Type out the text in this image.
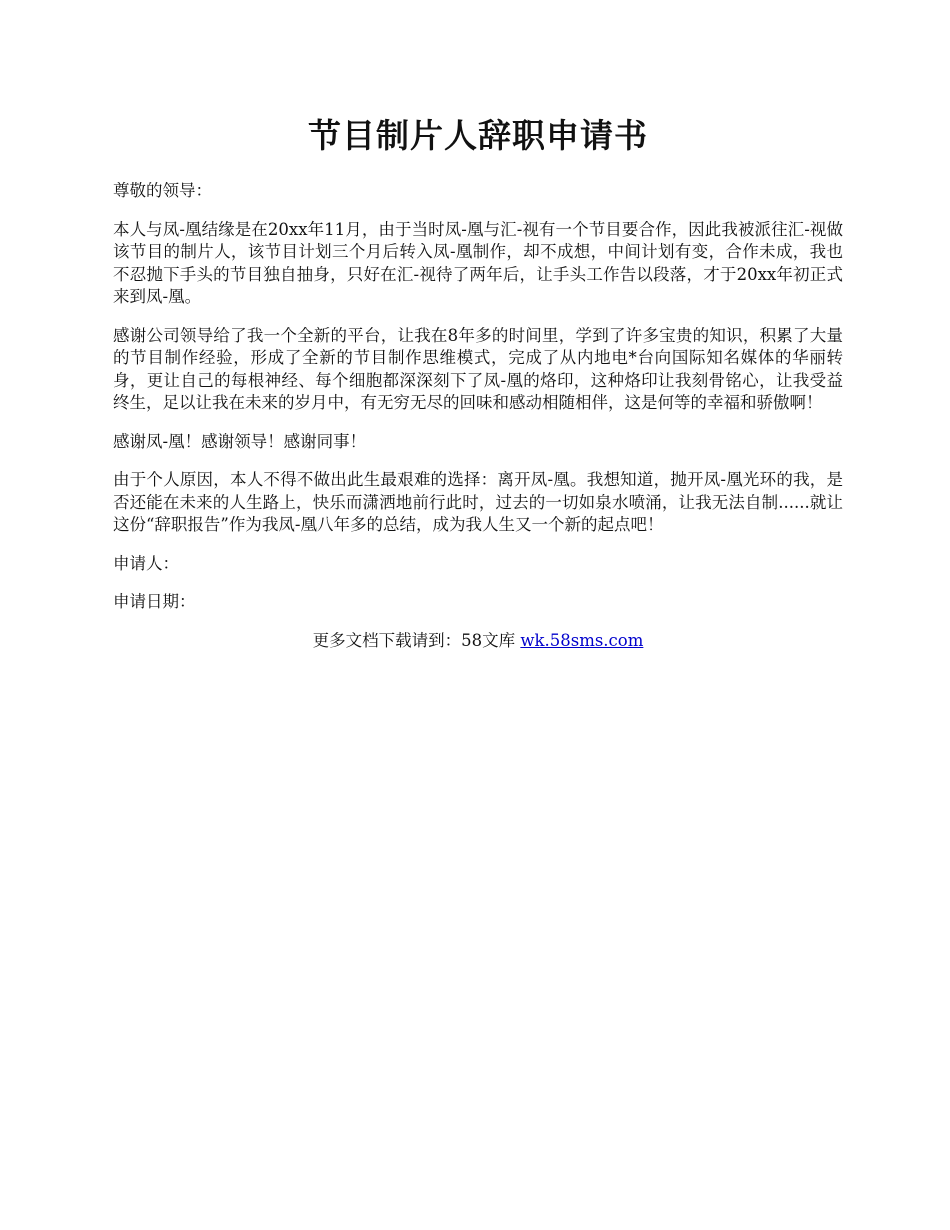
节目制片人辞职申请书

尊敬的领导：

本人与凤-凰结缘是在20xx年11月，由于当时凤-凰与汇-视有一个节目要合作，因此我被派往汇-视做该节目的制片人，该节目计划三个月后转入凤-凰制作，却不成想，中间计划有变，合作未成，我也不忍抛下手头的节目独自抽身，只好在汇-视待了两年后，让手头工作告以段落，才于20xx年初正式来到凤-凰。

感谢公司领导给了我一个全新的平台，让我在8年多的时间里，学到了许多宝贵的知识，积累了大量的节目制作经验，形成了全新的节目制作思维模式，完成了从内地电*台向国际知名媒体的华丽转身，更让自己的每根神经、每个细胞都深深刻下了凤-凰的烙印，这种烙印让我刻骨铭心，让我受益终生，足以让我在未来的岁月中，有无穷无尽的回味和感动相随相伴，这是何等的幸福和骄傲啊！

感谢凤-凰！感谢领导！感谢同事！

由于个人原因，本人不得不做出此生最艰难的选择：离开凤-凰。我想知道，抛开凤-凰光环的我，是否还能在未来的人生路上，快乐而潇洒地前行此时，过去的一切如泉水喷涌，让我无法自制......就让这份“辞职报告”作为我凤-凰八年多的总结，成为我人生又一个新的起点吧！

申请人：

申请日期：

更多文档下载请到：58文库 wk.58sms.com
